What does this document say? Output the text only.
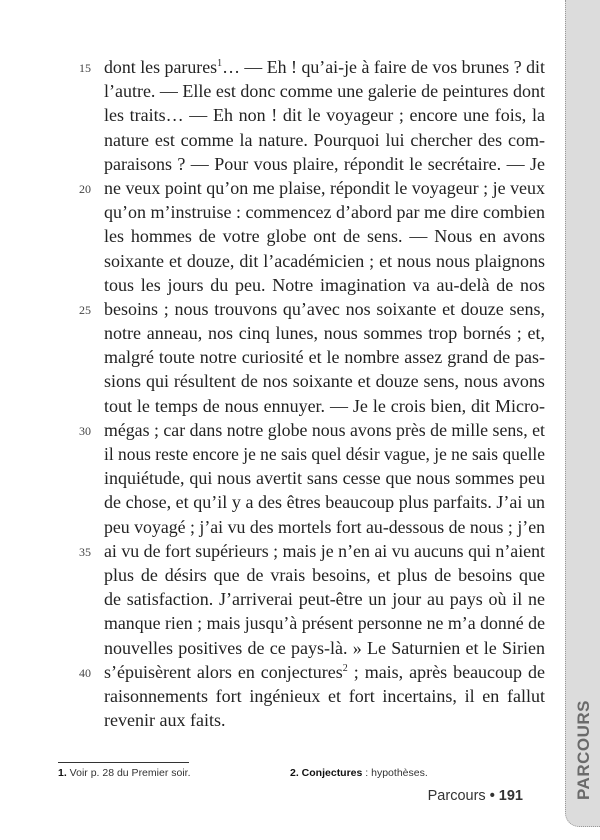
PARCOURS
15 dont les parures$^1$… — Eh ! qu’ai-je à faire de vos brunes ? dit
l’autre. — Elle est donc comme une galerie de peintures dont
les traits… — Eh non ! dit le voyageur ; encore une fois, la
nature est comme la nature. Pourquoi lui chercher des com-
paraisons ? — Pour vous plaire, répondit le secrétaire. — Je
20 ne veux point qu’on me plaise, répondit le voyageur ; je veux
qu’on m’instruise : commencez d’abord par me dire combien
les hommes de votre globe ont de sens. — Nous en avons
soixante et douze, dit l’académicien ; et nous nous plaignons
tous les jours du peu. Notre imagination va au-delà de nos
25 besoins ; nous trouvons qu’avec nos soixante et douze sens,
notre anneau, nos cinq lunes, nous sommes trop bornés ; et,
malgré toute notre curiosité et le nombre assez grand de pas-
sions qui résultent de nos soixante et douze sens, nous avons
tout le temps de nous ennuyer. — Je le crois bien, dit Micro-
30 mégas ; car dans notre globe nous avons près de mille sens, et
il nous reste encore je ne sais quel désir vague, je ne sais quelle
inquiétude, qui nous avertit sans cesse que nous sommes peu
de chose, et qu’il y a des êtres beaucoup plus parfaits. J’ai un
peu voyagé ; j’ai vu des mortels fort au-dessous de nous ; j’en
35 ai vu de fort supérieurs ; mais je n’en ai vu aucuns qui n’aient
plus de désirs que de vrais besoins, et plus de besoins que
de satisfaction. J’arriverai peut-être un jour au pays où il ne
manque rien ; mais jusqu’à présent personne ne m’a donné de
nouvelles positives de ce pays-là. » Le Saturnien et le Sirien
40 s’épuisèrent alors en conjectures$^2$ ; mais, après beaucoup de
raisonnements fort ingénieux et fort incertains, il en fallut
revenir aux faits.
1. Voir p. 28 du Premier soir.	2. Conjectures : hypothèses.
Parcours • 191
